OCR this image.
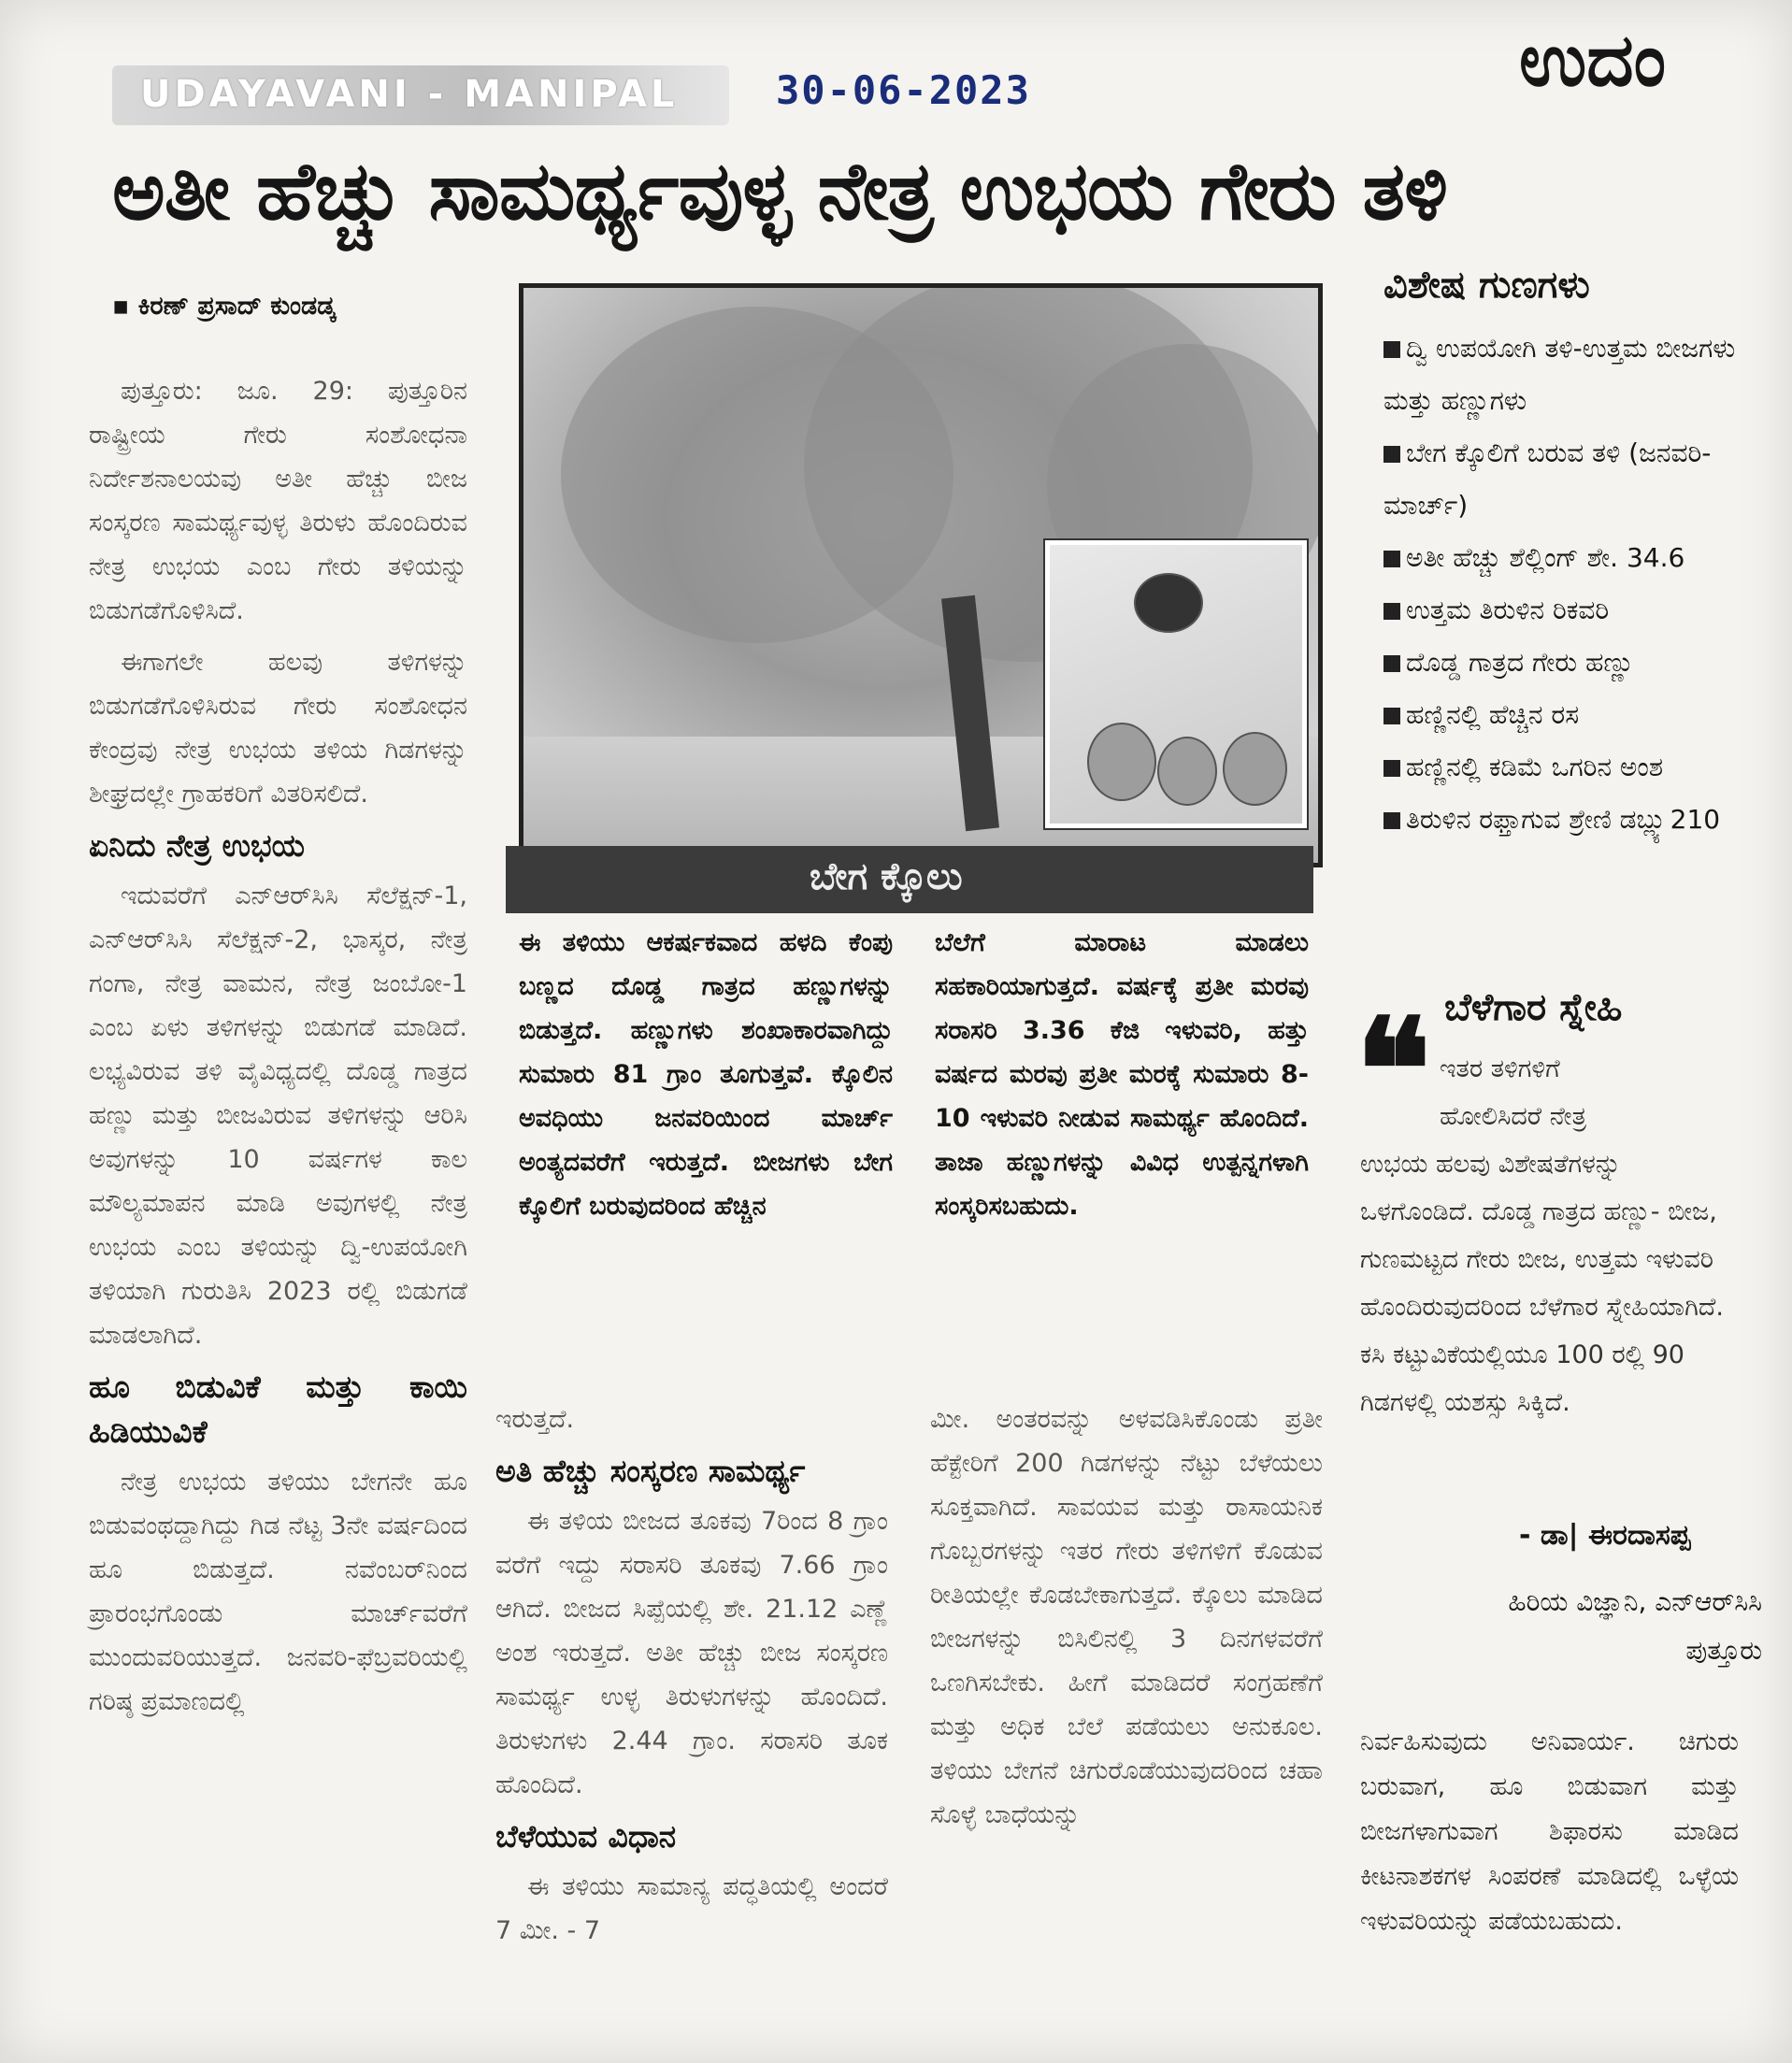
UDAYAVANI - MANIPAL 30-06-2023	ಉದಂ
ಅತೀ ಹೆಚ್ಚು ಸಾಮರ್ಥ್ಯವುಳ್ಳ ನೇತ್ರ ಉಭಯ ಗೇರು ತಳಿ
▪ ಕಿರಣ್ ಪ್ರಸಾದ್ ಕುಂಡಡ್ಕ

ಪುತ್ತೂರು: ಜೂ. 29: ಪುತ್ತೂರಿನ ರಾಷ್ಟ್ರೀಯ ಗೇರು ಸಂಶೋಧನಾ ನಿರ್ದೇಶನಾಲಯವು ಅತೀ ಹೆಚ್ಚು ಬೀಜ ಸಂಸ್ಕರಣ ಸಾಮರ್ಥ್ಯವುಳ್ಳ ತಿರುಳು ಹೊಂದಿರುವ ನೇತ್ರ ಉಭಯ ಎಂಬ ಗೇರು ತಳಿಯನ್ನು ಬಿಡುಗಡೆಗೊಳಿಸಿದೆ.

ಈಗಾಗಲೇ ಹಲವು ತಳಿಗಳನ್ನು ಬಿಡುಗಡೆಗೊಳಿಸಿರುವ ಗೇರು ಸಂಶೋಧನ ಕೇಂದ್ರವು ನೇತ್ರ ಉಭಯ ತಳಿಯ ಗಿಡಗಳನ್ನು ಶೀಘ್ರದಲ್ಲೇ ಗ್ರಾಹಕರಿಗೆ ವಿತರಿಸಲಿದೆ.

ಏನಿದು ನೇತ್ರ ಉಭಯ

ಇದುವರೆಗೆ ಎನ್‌ಆರ್‌ಸಿಸಿ ಸೆಲೆಕ್ಷನ್-1, ಎನ್‌ಆರ್‌ಸಿಸಿ ಸೆಲೆಕ್ಷನ್-2, ಭಾಸ್ಕರ, ನೇತ್ರ ಗಂಗಾ, ನೇತ್ರ ವಾಮನ, ನೇತ್ರ ಜಂಬೋ-1 ಎಂಬ ಏಳು ತಳಿಗಳನ್ನು ಬಿಡುಗಡೆ ಮಾಡಿದೆ. ಲಭ್ಯವಿರುವ ತಳಿ ವೈವಿಧ್ಯದಲ್ಲಿ ದೊಡ್ಡ ಗಾತ್ರದ ಹಣ್ಣು ಮತ್ತು ಬೀಜವಿರುವ ತಳಿಗಳನ್ನು ಆರಿಸಿ ಅವುಗಳನ್ನು 10 ವರ್ಷಗಳ ಕಾಲ ಮೌಲ್ಯಮಾಪನ ಮಾಡಿ ಅವುಗಳಲ್ಲಿ ನೇತ್ರ ಉಭಯ ಎಂಬ ತಳಿಯನ್ನು ದ್ವಿ-ಉಪಯೋಗಿ ತಳಿಯಾಗಿ ಗುರುತಿಸಿ 2023 ರಲ್ಲಿ ಬಿಡುಗಡೆ ಮಾಡಲಾಗಿದೆ.

ಹೂ ಬಿಡುವಿಕೆ ಮತ್ತು ಕಾಯಿ ಹಿಡಿಯುವಿಕೆ

ನೇತ್ರ ಉಭಯ ತಳಿಯು ಬೇಗನೇ ಹೂ ಬಿಡುವಂಥದ್ದಾಗಿದ್ದು ಗಿಡ ನೆಟ್ಟ 3ನೇ ವರ್ಷದಿಂದ ಹೂ ಬಿಡುತ್ತದೆ. ನವೆಂಬರ್‌ನಿಂದ ಪ್ರಾರಂಭಗೊಂಡು ಮಾರ್ಚ್‌ವರೆಗೆ ಮುಂದುವರಿಯುತ್ತದೆ. ಜನವರಿ-ಫೆಬ್ರವರಿಯಲ್ಲಿ ಗರಿಷ್ಠ ಪ್ರಮಾಣದಲ್ಲಿ

ಬೇಗ ಕ್ಕೊಲು

ಈ ತಳಿಯು ಆಕರ್ಷಕವಾದ ಹಳದಿ ಕೆಂಪು ಬಣ್ಣದ ದೊಡ್ಡ ಗಾತ್ರದ ಹಣ್ಣುಗಳನ್ನು ಬಿಡುತ್ತದೆ. ಹಣ್ಣುಗಳು ಶಂಖಾಕಾರವಾಗಿದ್ದು ಸುಮಾರು 81 ಗ್ರಾಂ ತೂಗುತ್ತವೆ. ಕ್ಕೊಲಿನ ಅವಧಿಯು ಜನವರಿಯಿಂದ ಮಾರ್ಚ್ ಅಂತ್ಯದವರೆಗೆ ಇರುತ್ತದೆ. ಬೀಜಗಳು ಬೇಗ ಕ್ಕೊಲಿಗೆ ಬರುವುದರಿಂದ ಹೆಚ್ಚಿನ

ಬೆಲೆಗೆ ಮಾರಾಟ ಮಾಡಲು ಸಹಕಾರಿಯಾಗುತ್ತದೆ. ವರ್ಷಕ್ಕೆ ಪ್ರತೀ ಮರವು ಸರಾಸರಿ 3.36 ಕೆಜಿ ಇಳುವರಿ, ಹತ್ತು ವರ್ಷದ ಮರವು ಪ್ರತೀ ಮರಕ್ಕೆ ಸುಮಾರು 8-10 ಇಳುವರಿ ನೀಡುವ ಸಾಮರ್ಥ್ಯ ಹೊಂದಿದೆ. ತಾಜಾ ಹಣ್ಣುಗಳನ್ನು ವಿವಿಧ ಉತ್ಪನ್ನಗಳಾಗಿ ಸಂಸ್ಕರಿಸಬಹುದು.

ಇರುತ್ತದೆ.

ಅತಿ ಹೆಚ್ಚು ಸಂಸ್ಕರಣ ಸಾಮರ್ಥ್ಯ

ಈ ತಳಿಯ ಬೀಜದ ತೂಕವು 7ರಿಂದ 8 ಗ್ರಾಂ ವರೆಗೆ ಇದ್ದು ಸರಾಸರಿ ತೂಕವು 7.66 ಗ್ರಾಂ ಆಗಿದೆ. ಬೀಜದ ಸಿಪ್ಪೆಯಲ್ಲಿ ಶೇ. 21.12 ಎಣ್ಣೆ ಅಂಶ ಇರುತ್ತದೆ. ಅತೀ ಹೆಚ್ಚು ಬೀಜ ಸಂಸ್ಕರಣ ಸಾಮರ್ಥ್ಯ ಉಳ್ಳ ತಿರುಳುಗಳನ್ನು ಹೊಂದಿದೆ. ತಿರುಳುಗಳು 2.44 ಗ್ರಾಂ. ಸರಾಸರಿ ತೂಕ ಹೊಂದಿದೆ.

ಬೆಳೆಯುವ ವಿಧಾನ

ಈ ತಳಿಯು ಸಾಮಾನ್ಯ ಪದ್ಧತಿಯಲ್ಲಿ ಅಂದರೆ 7 ಮೀ. - 7

ಮೀ. ಅಂತರವನ್ನು ಅಳವಡಿಸಿಕೊಂಡು ಪ್ರತೀ ಹೆಕ್ಟೇರಿಗೆ 200 ಗಿಡಗಳನ್ನು ನೆಟ್ಟು ಬೆಳೆಯಲು ಸೂಕ್ತವಾಗಿದೆ. ಸಾವಯವ ಮತ್ತು ರಾಸಾಯನಿಕ ಗೊಬ್ಬರಗಳನ್ನು ಇತರ ಗೇರು ತಳಿಗಳಿಗೆ ಕೊಡುವ ರೀತಿಯಲ್ಲೇ ಕೊಡಬೇಕಾಗುತ್ತದೆ. ಕ್ಕೊಲು ಮಾಡಿದ ಬೀಜಗಳನ್ನು ಬಿಸಿಲಿನಲ್ಲಿ 3 ದಿನಗಳವರೆಗೆ ಒಣಗಿಸಬೇಕು. ಹೀಗೆ ಮಾಡಿದರೆ ಸಂಗ್ರಹಣೆಗೆ ಮತ್ತು ಅಧಿಕ ಬೆಲೆ ಪಡೆಯಲು ಅನುಕೂಲ. ತಳಿಯು ಬೇಗನೆ ಚಿಗುರೊಡೆಯುವುದರಿಂದ ಚಹಾ ಸೊಳ್ಳೆ ಬಾಧೆಯನ್ನು

ವಿಶೇಷ ಗುಣಗಳು
ದ್ವಿ ಉಪಯೋಗಿ ತಳಿ-ಉತ್ತಮ ಬೀಜಗಳು ಮತ್ತು ಹಣ್ಣುಗಳು
ಬೇಗ ಕ್ಕೊಲಿಗೆ ಬರುವ ತಳಿ (ಜನವರಿ-ಮಾರ್ಚ್)
ಅತೀ ಹೆಚ್ಚು ಶೆಲ್ಲಿಂಗ್ ಶೇ. 34.6
ಉತ್ತಮ ತಿರುಳಿನ ರಿಕವರಿ
ದೊಡ್ಡ ಗಾತ್ರದ ಗೇರು ಹಣ್ಣು
ಹಣ್ಣಿನಲ್ಲಿ ಹೆಚ್ಚಿನ ರಸ
ಹಣ್ಣಿನಲ್ಲಿ ಕಡಿಮೆ ಒಗರಿನ ಅಂಶ
ತಿರುಳಿನ ರಫ್ತಾಗುವ ಶ್ರೇಣಿ ಡಬ್ಲ್ಯು210
❝ ಬೆಳೆಗಾರ ಸ್ನೇಹಿ

ಇತರ ತಳಿಗಳಿಗೆ

ಹೋಲಿಸಿದರೆ ನೇತ್ರ

ಉಭಯ ಹಲವು ವಿಶೇಷತೆಗಳನ್ನು ಒಳಗೊಂಡಿದೆ. ದೊಡ್ಡ ಗಾತ್ರದ ಹಣ್ಣು- ಬೀಜ, ಗುಣಮಟ್ಟದ ಗೇರು ಬೀಜ, ಉತ್ತಮ ಇಳುವರಿ ಹೊಂದಿರುವುದರಿಂದ ಬೆಳೆಗಾರ ಸ್ನೇಹಿಯಾಗಿದೆ. ಕಸಿ ಕಟ್ಟುವಿಕೆಯಲ್ಲಿಯೂ 100 ರಲ್ಲಿ 90 ಗಿಡಗಳಲ್ಲಿ ಯಶಸ್ಸು ಸಿಕ್ಕಿದೆ.

- ಡಾ| ಈರದಾಸಪ್ಪ
ಹಿರಿಯ ವಿಜ್ಞಾನಿ, ಎನ್‌ಆರ್‌ಸಿಸಿ
ಪುತ್ತೂರು
ನಿರ್ವಹಿಸುವುದು ಅನಿವಾರ್ಯ. ಚಿಗುರು ಬರುವಾಗ, ಹೂ ಬಿಡುವಾಗ ಮತ್ತು ಬೀಜಗಳಾಗುವಾಗ ಶಿಫಾರಸು ಮಾಡಿದ ಕೀಟನಾಶಕಗಳ ಸಿಂಪರಣೆ ಮಾಡಿದಲ್ಲಿ ಒಳ್ಳೆಯ ಇಳುವರಿಯನ್ನು ಪಡೆಯಬಹುದು.
